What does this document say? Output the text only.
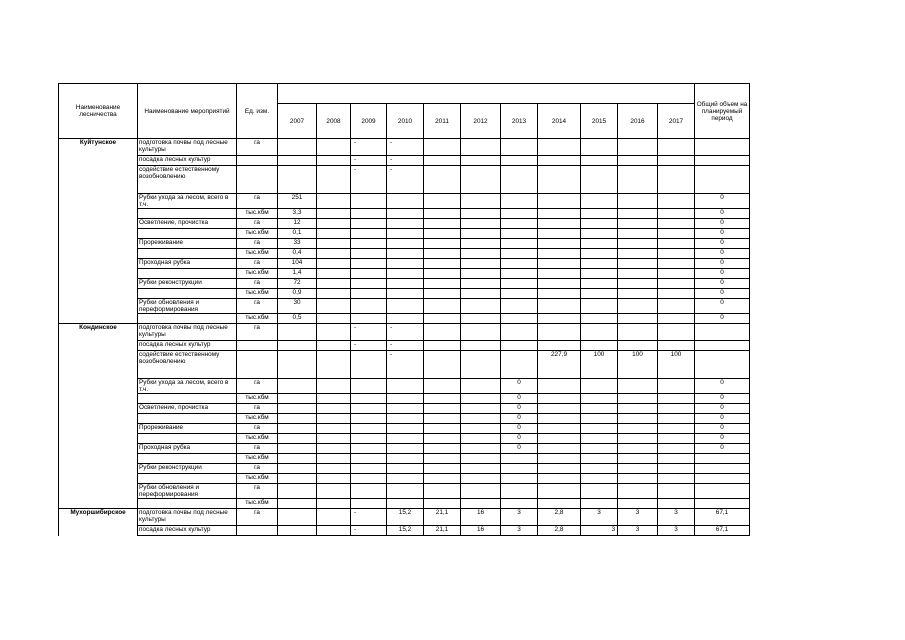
Наименование лесничества	Наименование мероприятий	Ед. изм.												Общий объем на планируемый период
			2007	2008	2009	2010	2011	2012	2013	2014	2015	2016	2017	
Куйтунское	подготовка почвы под лесные культуры	га			-	-								
	посадка лесных культур				-	-								
	содействие естественному возобновлению				-	-								
	Рубки ухода за лесом, всего в т.ч.	га	251											0
		тыс.кбм	3,3											0
	Осветление, прочистка	га	12											0
		тыс.кбм	0,1											0
	Прореживание	га	33											0
		тыс.кбм	0,4											0
	Проходная рубка	га	104											0
		тыс.кбм	1,4											0
	Рубки реконструкции	га	72											0
		тыс.кбм	0,9											0
	Рубки обновления и переформирования	га	30											0
		тыс.кбм	0,5											0
Кондинское	подготовка почвы под лесные культуры	га			-	-								
	посадка лесных культур				-	-								
	содействие естественному возобновлению					-				227,9	100	100	100	
	Рубки ухода за лесом, всего в т.ч.	га							0					0
		тыс.кбм							0					0
	Осветление, прочистка	га							0					0
		тыс.кбм							0					0
	Прореживание	га							0					0
		тыс.кбм							0					0
	Проходная рубка	га							0					0
		тыс.кбм												
	Рубки реконструкции	га												
		тыс.кбм												
	Рубки обновления и переформирования	га												
		тыс.кбм												
Мухоршибирское	подготовка почвы под лесные культуры	га			-	15,2	21,1	16	3	2,8	3	3	3	67,1
	посадка лесных культур				-	15,2	21,1	16	3	2,8	3	3	3	67,1
